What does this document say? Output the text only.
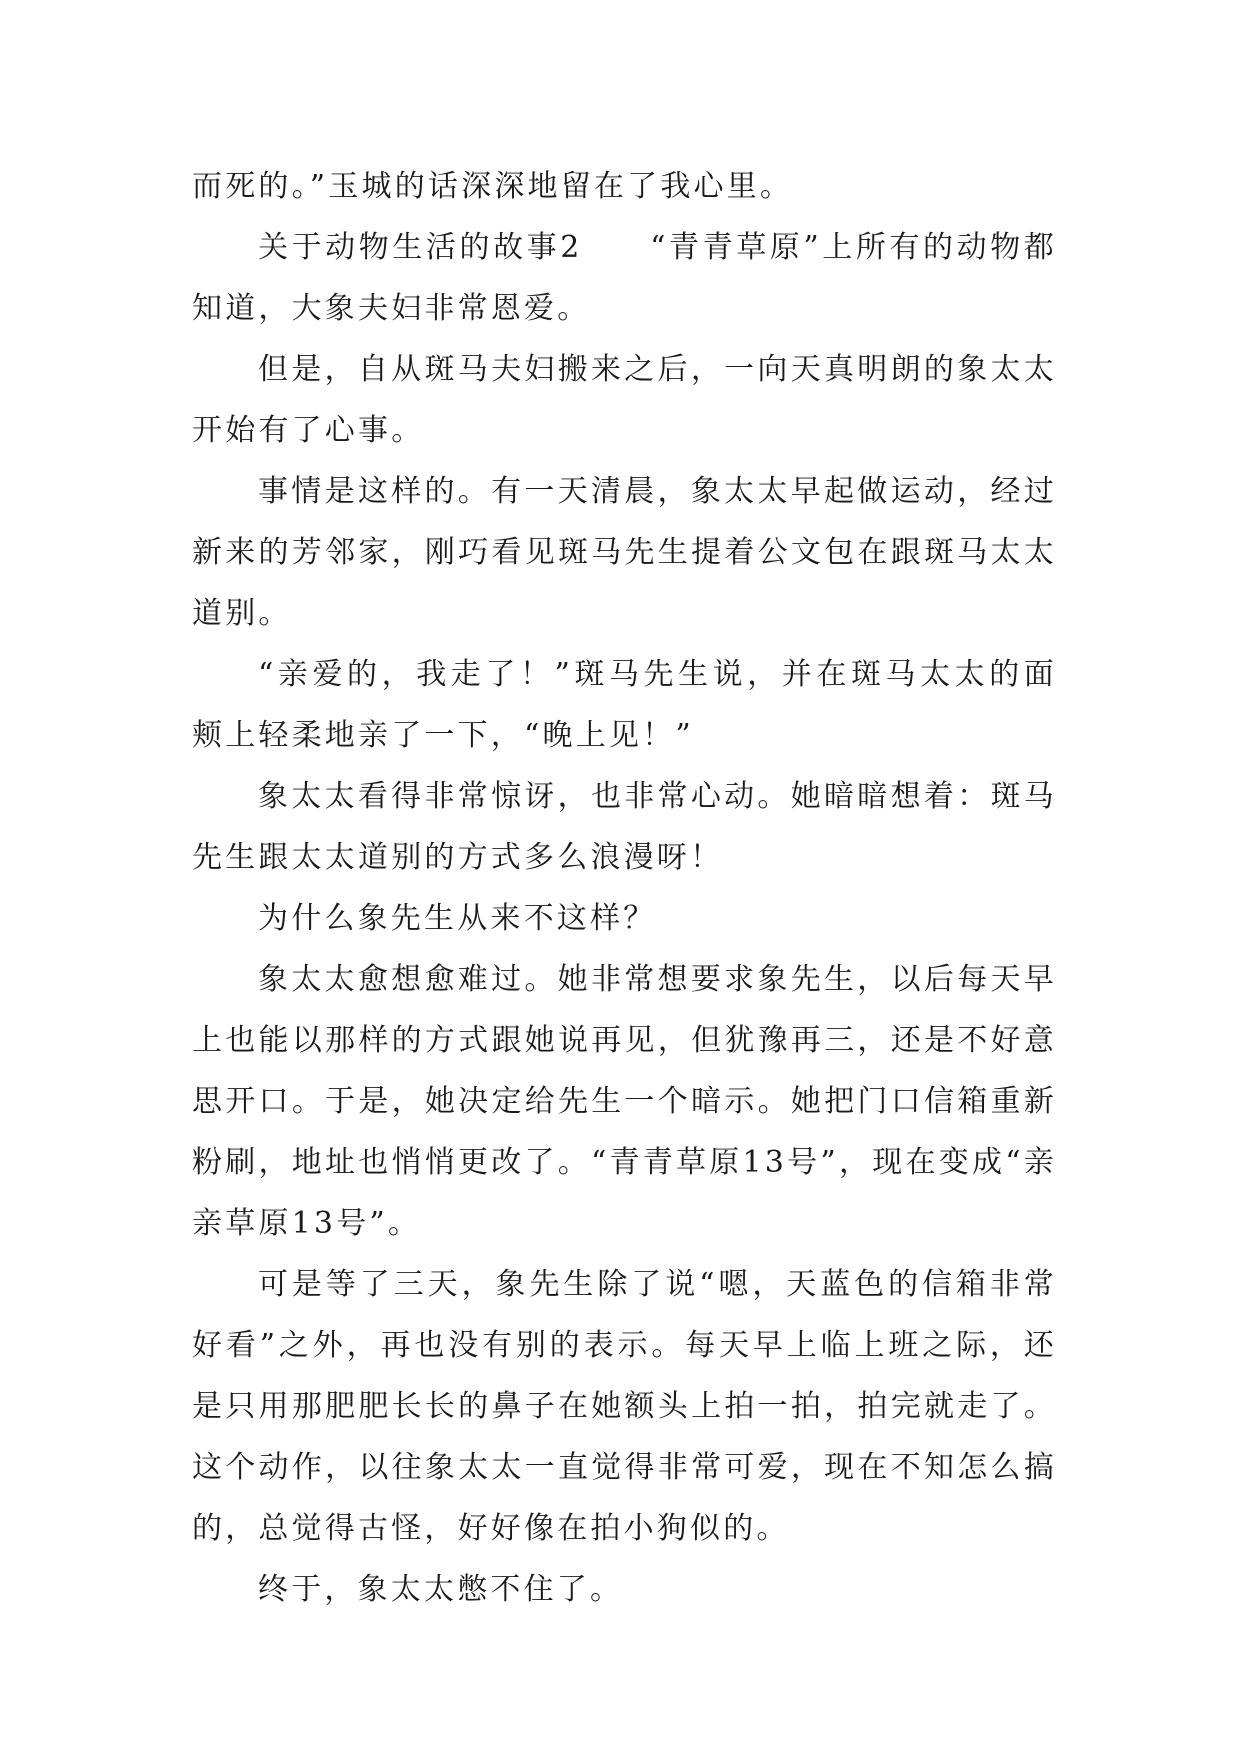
而死的。”玉城的话深深地留在了我心里。

关于动物生活的故事2　　“青青草原”上所有的动物都知道，大象夫妇非常恩爱。

但是，自从斑马夫妇搬来之后，一向天真明朗的象太太开始有了心事。

事情是这样的。有一天清晨，象太太早起做运动，经过新来的芳邻家，刚巧看见斑马先生提着公文包在跟斑马太太道别。

“亲爱的，我走了！”斑马先生说，并在斑马太太的面颊上轻柔地亲了一下，“晚上见！”

象太太看得非常惊讶，也非常心动。她暗暗想着：斑马先生跟太太道别的方式多么浪漫呀！

为什么象先生从来不这样？

象太太愈想愈难过。她非常想要求象先生，以后每天早上也能以那样的方式跟她说再见，但犹豫再三，还是不好意思开口。于是，她决定给先生一个暗示。她把门口信箱重新粉刷，地址也悄悄更改了。“青青草原13号”，现在变成“亲亲草原13号”。

可是等了三天，象先生除了说“嗯，天蓝色的信箱非常好看”之外，再也没有别的表示。每天早上临上班之际，还是只用那肥肥长长的鼻子在她额头上拍一拍，拍完就走了。这个动作，以往象太太一直觉得非常可爱，现在不知怎么搞的，总觉得古怪，好好像在拍小狗似的。

终于，象太太憋不住了。
